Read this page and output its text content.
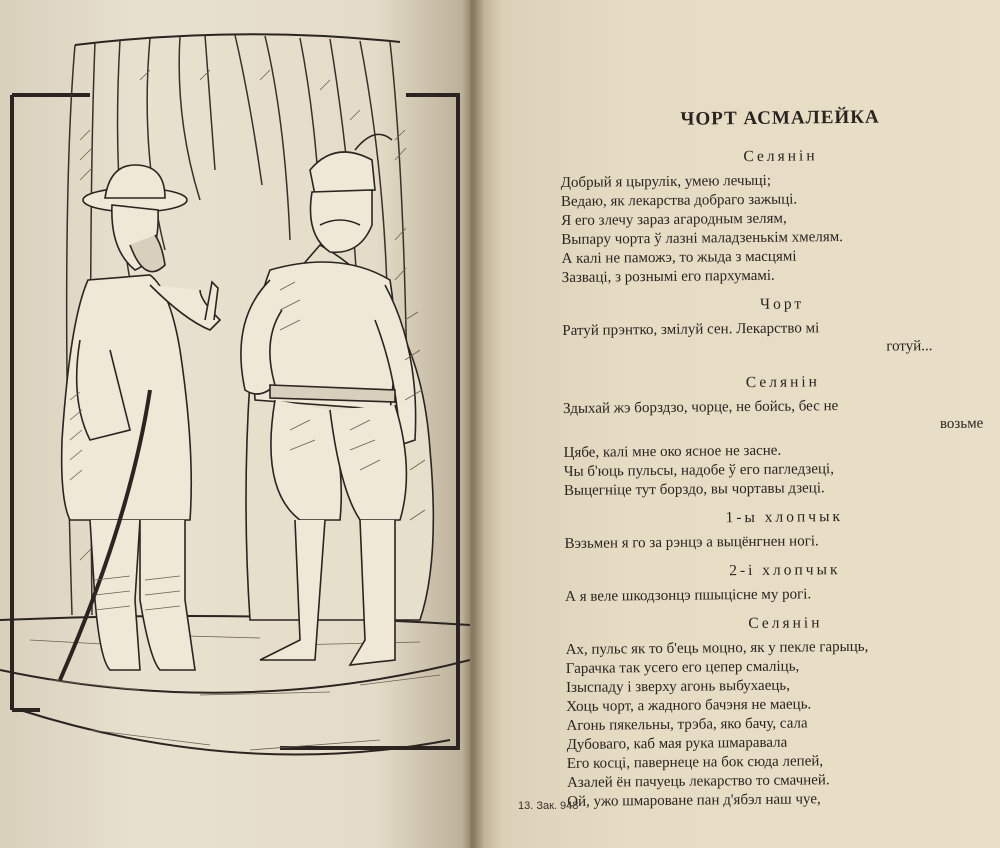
ЧОРТ АСМАЛЕЙКА
Селянін
Добрый я цырулік, умею лечыці;
Ведаю, як лекарства добраго зажыці.
Я его злечу зараз агародным зелям,
Выпару чорта ў лазні маладзенькім хмелям.
А калі не паможэ, то жыда з масцямі
Зазваці, з рознымі его пархумамі.
Чорт
Ратуй прэнтко, змілуй сен. Лекарство мі
готуй...
Селянін
Здыхай жэ борздзо, чорце, не бойсь, бес не
возьме
Цябе, калі мне око ясное не засне.
Чы б'юць пульсы, надобе ў его пагледзеці,
Выцегніце тут борздо, вы чортавы дзеці.
1-ы хлопчык
Вэзьмен я го за рэнцэ а выцёнгнен ногі.
2-і хлопчык
А я веле шкодзонцэ пшыцісне му рогі.
Селянін
Ах, пульс як то б'ець моцно, як у пекле гарыць,
Гарачка так усего его цепер смаліць,
Ізыспаду і зверху агонь выбухаець,
Хоць чорт, а жадного бачэня не маець.
Агонь пякельны, трэба, яко бачу, сала
Дубоваго, каб мая рука шмаравала
Его косці, павернеце на бок сюда лепей,
Азалей ён пачуець лекарство то смачней.
Ой, ужо шмароване пан д'ябэл наш чуе,
13. Зак. 948
